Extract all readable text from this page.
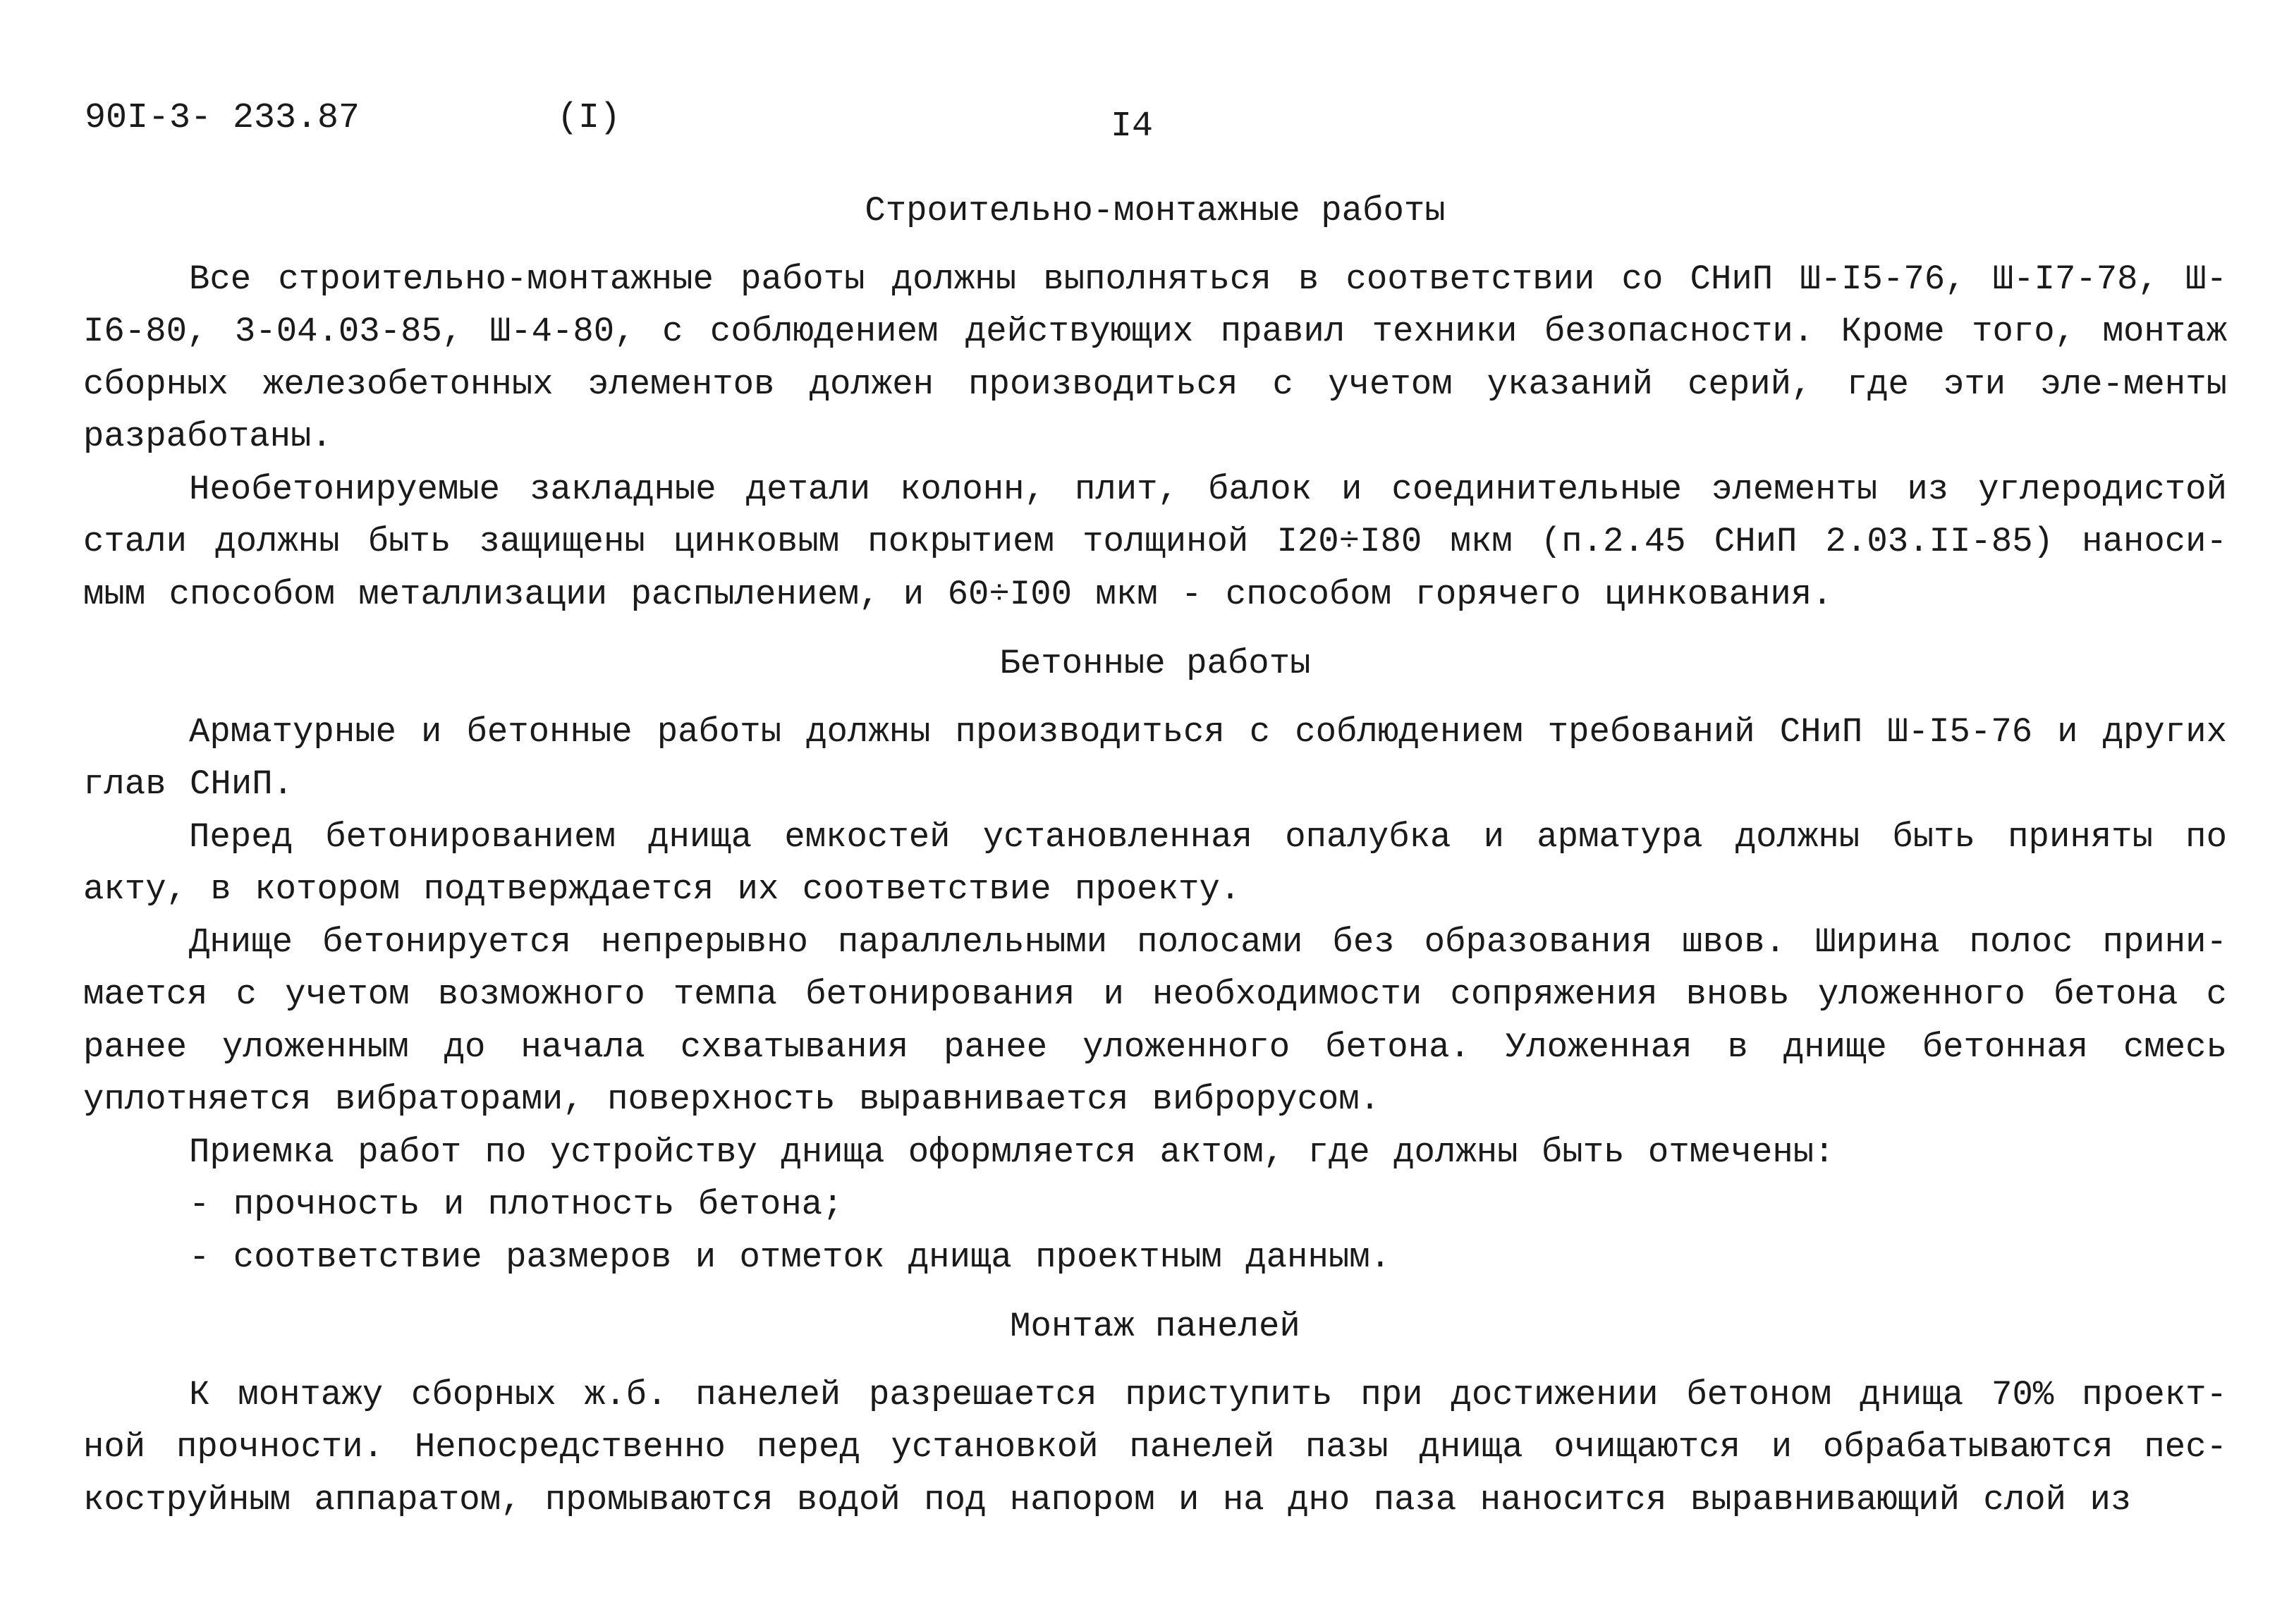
90I-3- 233.87	(I)	I4
Строительно-монтажные работы

Все строительно-монтажные работы должны выполняться в соответствии со СНиП Ш-I5-76, Ш-I7-78, Ш-I6-80, 3-04.03-85, Ш-4-80, с соблюдением действующих правил техники безопасности. Кроме того, монтаж сборных железобетонных элементов должен производиться с учетом указаний серий, где эти эле-менты разработаны.

Необетонируемые закладные детали колонн, плит, балок и соединительные элементы из углеродистой стали должны быть защищены цинковым покрытием толщиной I20÷I80 мкм (п.2.45 СНиП 2.03.II-85) наноси-мым способом металлизации распылением, и 60÷I00 мкм - способом горячего цинкования.

Бетонные работы

Арматурные и бетонные работы должны производиться с соблюдением требований СНиП Ш-I5-76 и других глав СНиП.

Перед бетонированием днища емкостей установленная опалубка и арматура должны быть приняты по акту, в котором подтверждается их соответствие проекту.

Днище бетонируется непрерывно параллельными полосами без образования швов. Ширина полос прини-мается с учетом возможного темпа бетонирования и необходимости сопряжения вновь уложенного бетона с ранее уложенным до начала схватывания ранее уложенного бетона. Уложенная в днище бетонная смесь уплотняется вибраторами, поверхность выравнивается виброрусом.

Приемка работ по устройству днища оформляется актом, где должны быть отмечены:

- прочность и плотность бетона;

- соответствие размеров и отметок днища проектным данным.

Монтаж панелей

К монтажу сборных ж.б. панелей разрешается приступить при достижении бетоном днища 70% проект-ной прочности. Непосредственно перед установкой панелей пазы днища очищаются и обрабатываются пес-коструйным аппаратом, промываются водой под напором и на дно паза наносится выравнивающий слой из
